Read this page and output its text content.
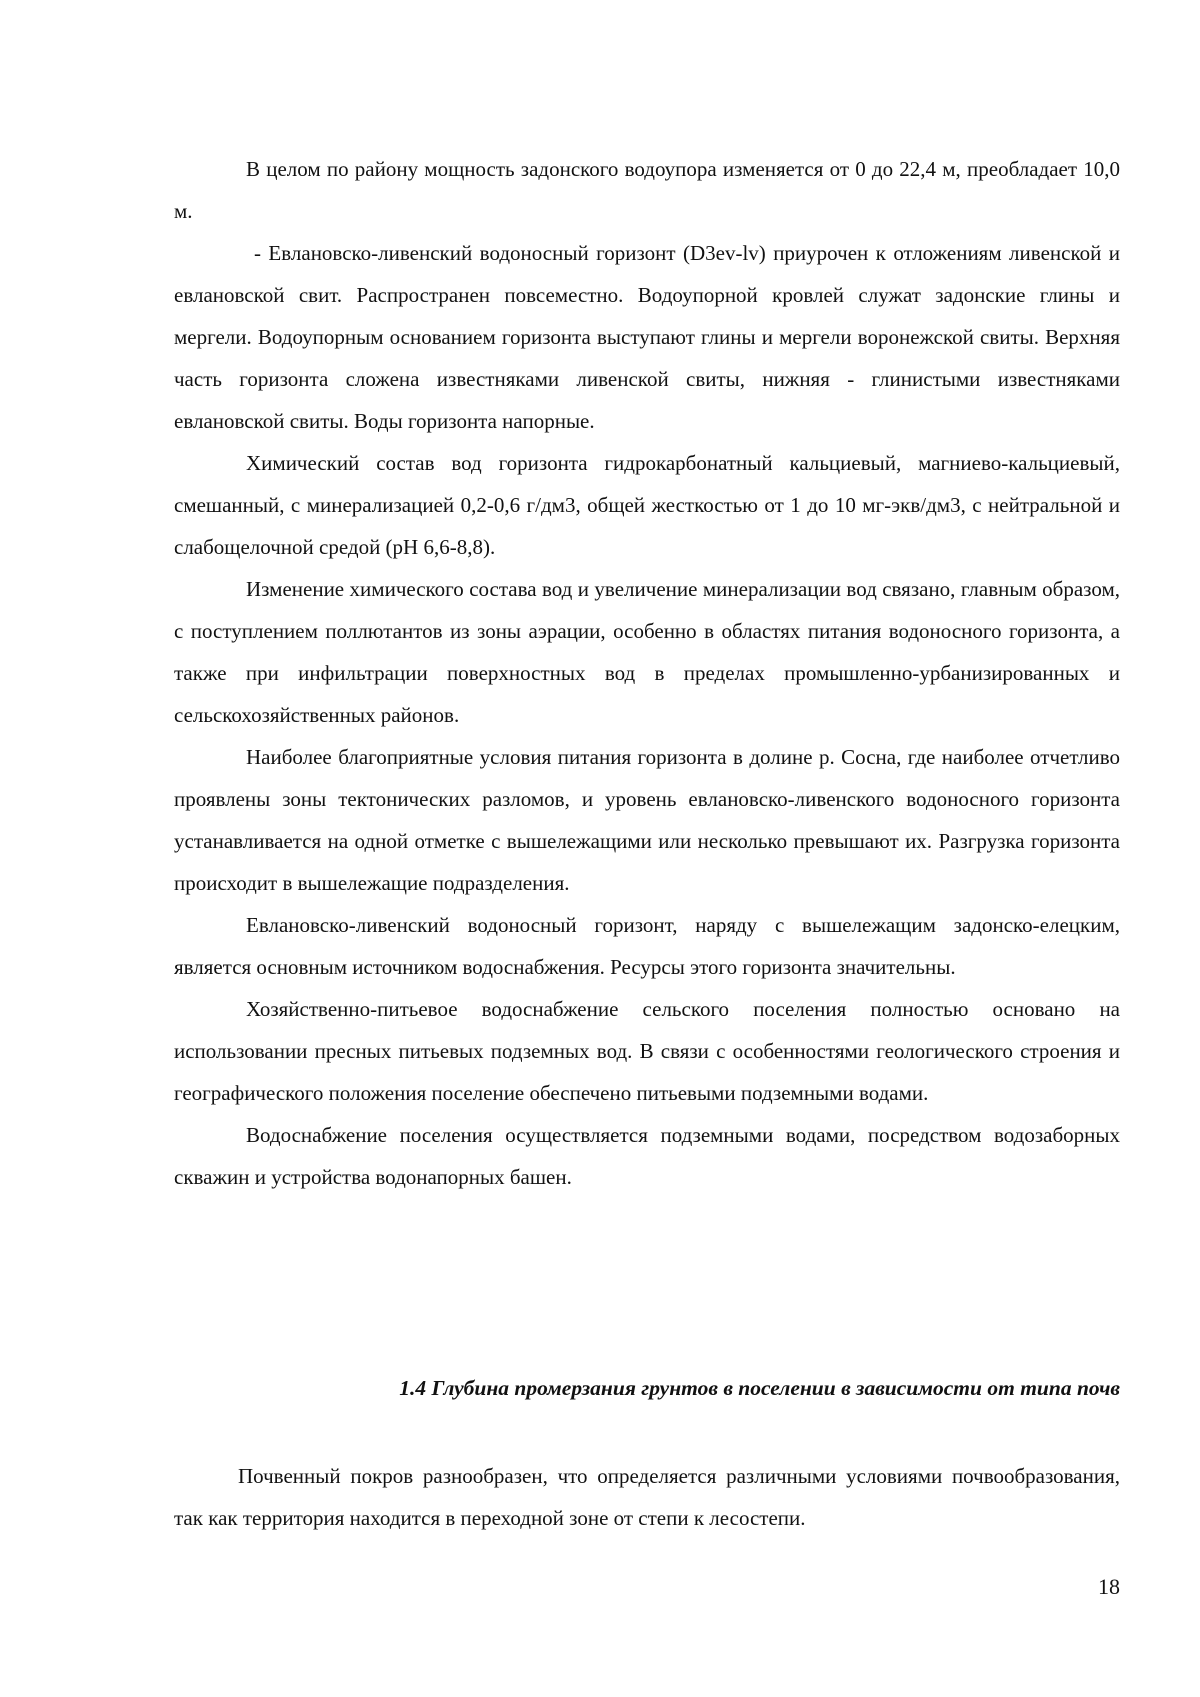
В целом по району мощность задонского водоупора изменяется от 0 до 22,4 м, преобладает 10,0 м.

- Евлановско-ливенский водоносный горизонт (D3ev-lv) приурочен к отложениям ливенской и евлановской свит. Распространен повсеместно. Водоупорной кровлей служат задонские глины и мергели. Водоупорным основанием горизонта выступают глины и мергели воронежской свиты. Верхняя часть горизонта сложена известняками ливенской свиты, нижняя - глинистыми известняками евлановской свиты. Воды горизонта напорные.

Химический состав вод горизонта гидрокарбонатный кальциевый, магниево-кальциевый, смешанный, с минерализацией 0,2-0,6 г/дм3, общей жесткостью от 1 до 10 мг-экв/дм3, с нейтральной и слабощелочной средой (рН 6,6-8,8).

Изменение химического состава вод и увеличение минерализации вод связано, главным образом, с поступлением поллютантов из зоны аэрации, особенно в областях питания водоносного горизонта, а также при инфильтрации поверхностных вод в пределах промышленно-урбанизированных и сельскохозяйственных районов.

Наиболее благоприятные условия питания горизонта в долине р. Сосна, где наиболее отчетливо проявлены зоны тектонических разломов, и уровень евлановско-ливенского водоносного горизонта устанавливается на одной отметке с вышележащими или несколько превышают их. Разгрузка горизонта происходит в вышележащие подразделения.

Евлановско-ливенский водоносный горизонт, наряду с вышележащим задонско-елецким, является основным источником водоснабжения. Ресурсы этого горизонта значительны.

Хозяйственно-питьевое водоснабжение сельского поселения полностью основано на использовании пресных питьевых подземных вод. В связи с особенностями геологического строения и географического положения поселение обеспечено питьевыми подземными водами.

Водоснабжение поселения осуществляется подземными водами, посредством водозаборных скважин и устройства водонапорных башен.

1.4 Глубина промерзания грунтов в поселении в зависимости от типа почв

Почвенный покров разнообразен, что определяется различными условиями почвообразования, так как территория находится в переходной зоне от степи к лесостепи.

18
